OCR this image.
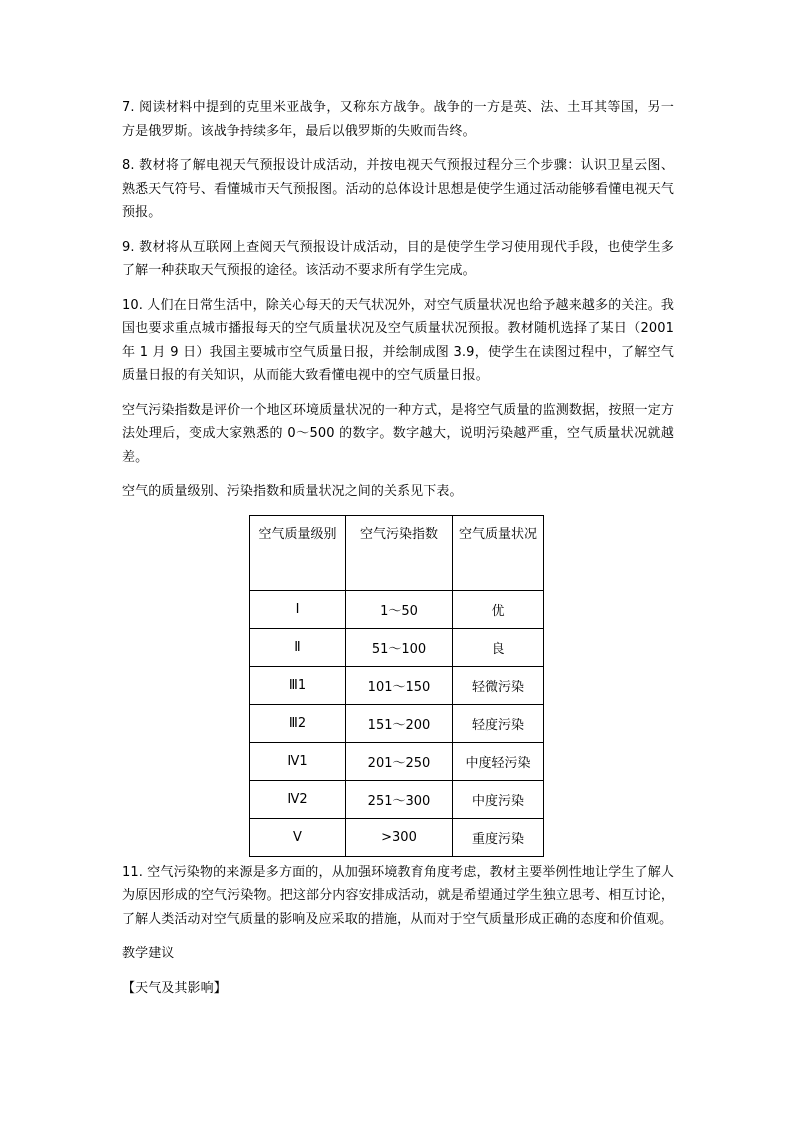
7. 阅读材料中提到的克里米亚战争，又称东方战争。战争的一方是英、法、土耳其等国，另一方是俄罗斯。该战争持续多年，最后以俄罗斯的失败而告终。

8. 教材将了解电视天气预报设计成活动，并按电视天气预报过程分三个步骤：认识卫星云图、熟悉天气符号、看懂城市天气预报图。活动的总体设计思想是使学生通过活动能够看懂电视天气预报。

9. 教材将从互联网上查阅天气预报设计成活动，目的是使学生学习使用现代手段，也使学生多了解一种获取天气预报的途径。该活动不要求所有学生完成。

10. 人们在日常生活中，除关心每天的天气状况外，对空气质量状况也给予越来越多的关注。我国也要求重点城市播报每天的空气质量状况及空气质量状况预报。教材随机选择了某日（2001 年 1 月 9 日）我国主要城市空气质量日报，并绘制成图 3.9，使学生在读图过程中，了解空气质量日报的有关知识，从而能大致看懂电视中的空气质量日报。

空气污染指数是评价一个地区环境质量状况的一种方式，是将空气质量的监测数据，按照一定方法处理后，变成大家熟悉的 0～500 的数字。数字越大，说明污染越严重，空气质量状况就越差。

空气的质量级别、污染指数和质量状况之间的关系见下表。

空气质量级别	空气污染指数	空气质量状况
Ⅰ	1～50	优
Ⅱ	51～100	良
Ⅲ1	101～150	轻微污染
Ⅲ2	151～200	轻度污染
Ⅳ1	201～250	中度轻污染
Ⅳ2	251～300	中度污染
Ⅴ	>300	重度污染

11. 空气污染物的来源是多方面的，从加强环境教育角度考虑，教材主要举例性地让学生了解人为原因形成的空气污染物。把这部分内容安排成活动，就是希望通过学生独立思考、相互讨论，了解人类活动对空气质量的影响及应采取的措施，从而对于空气质量形成正确的态度和价值观。

教学建议

【天气及其影响】
